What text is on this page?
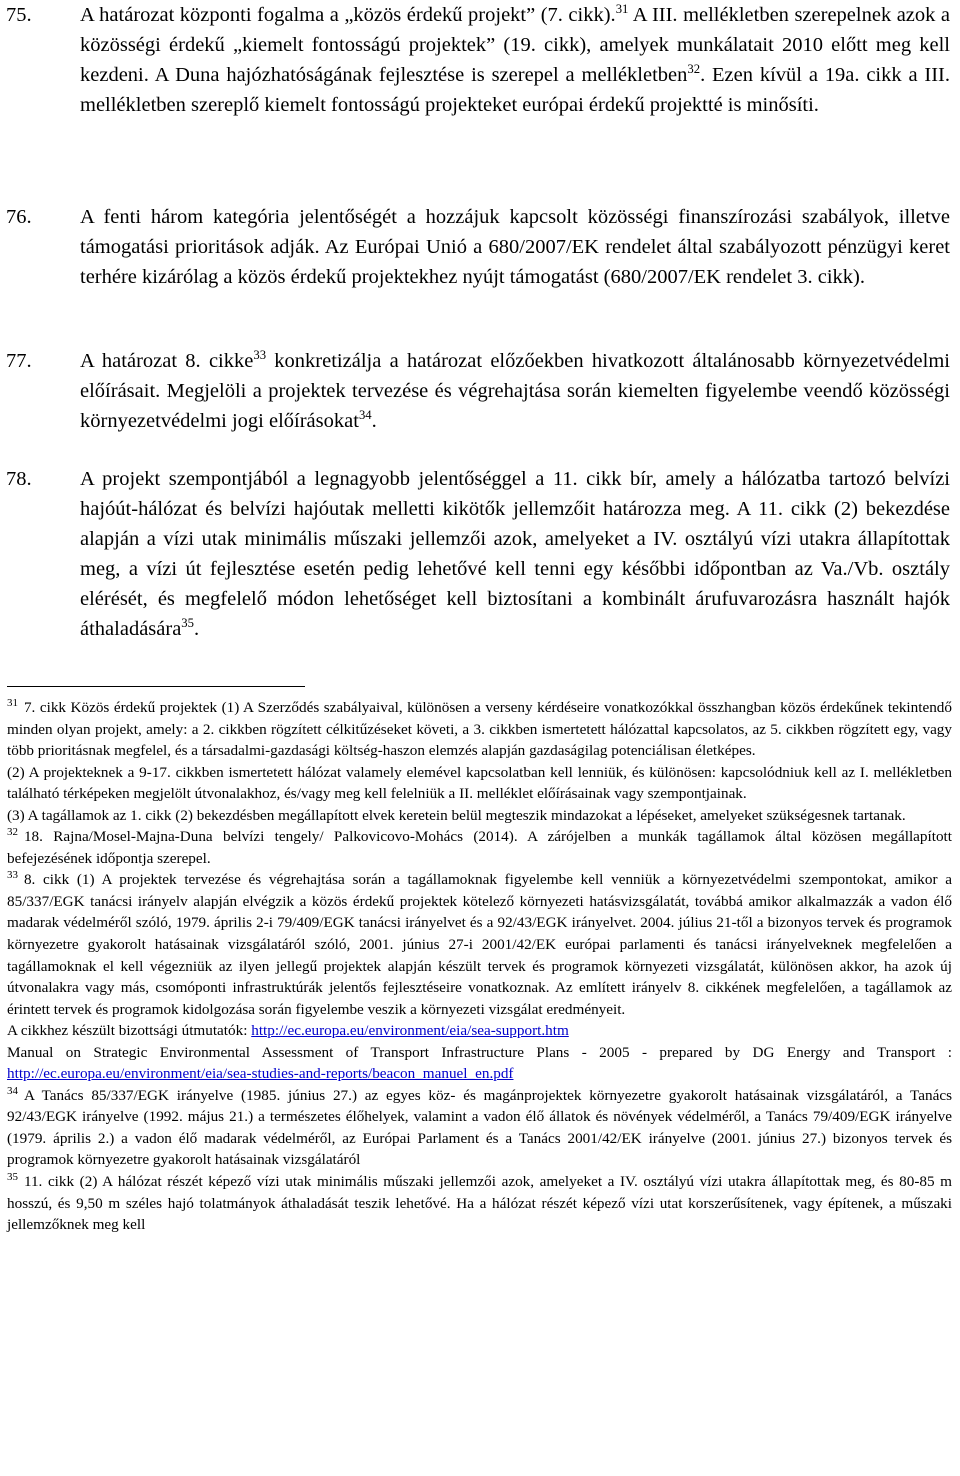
75. A határozat központi fogalma a „közös érdekű projekt” (7. cikk).$^{31}$ A III. mellékletben szerepelnek azok a közösségi érdekű „kiemelt fontosságú projektek” (19. cikk), amelyek munkálatait 2010 előtt meg kell kezdeni. A Duna hajózhatóságának fejlesztése is szerepel a mellékletben$^{32}$. Ezen kívül a 19a. cikk a III. mellékletben szereplő kiemelt fontosságú projekteket európai érdekű projektté is minősíti.
76. A fenti három kategória jelentőségét a hozzájuk kapcsolt közösségi finanszírozási szabályok, illetve támogatási prioritások adják. Az Európai Unió a 680/2007/EK rendelet által szabályozott pénzügyi keret terhére kizárólag a közös érdekű projektekhez nyújt támogatást (680/2007/EK rendelet 3. cikk).
77. A határozat 8. cikke$^{33}$ konkretizálja a határozat előzőekben hivatkozott általánosabb környezetvédelmi előírásait. Megjelöli a projektek tervezése és végrehajtása során kiemelten figyelembe veendő közösségi környezetvédelmi jogi előírásokat$^{34}$.
78. A projekt szempontjából a legnagyobb jelentőséggel a 11. cikk bír, amely a hálózatba tartozó belvízi hajóút-hálózat és belvízi hajóutak melletti kikötők jellemzőit határozza meg. A 11. cikk (2) bekezdése alapján a vízi utak minimális műszaki jellemzői azok, amelyeket a IV. osztályú vízi utakra állapítottak meg, a vízi út fejlesztése esetén pedig lehetővé kell tenni egy későbbi időpontban az Va./Vb. osztály elérését, és megfelelő módon lehetőséget kell biztosítani a kombinált árufuvarozásra használt hajók áthaladására$^{35}$.

$^{31}$ 7. cikk Közös érdekű projektek (1) A Szerződés szabályaival, különösen a verseny kérdéseire vonatkozókkal összhangban közös érdekűnek tekintendő minden olyan projekt, amely: a 2. cikkben rögzített célkitűzéseket követi, a 3. cikkben ismertetett hálózattal kapcsolatos, az 5. cikkben rögzített egy, vagy több prioritásnak megfelel, és a társadalmi-gazdasági költség-haszon elemzés alapján gazdaságilag potenciálisan életképes.

(2) A projekteknek a 9-17. cikkben ismertetett hálózat valamely elemével kapcsolatban kell lenniük, és különösen: kapcsolódniuk kell az I. mellékletben található térképeken megjelölt útvonalakhoz, és/vagy meg kell felelniük a II. melléklet előírásainak vagy szempontjainak.

(3) A tagállamok az 1. cikk (2) bekezdésben megállapított elvek keretein belül megteszik mindazokat a lépéseket, amelyeket szükségesnek tartanak.

$^{32}$ 18. Rajna/Mosel-Majna-Duna belvízi tengely/ Palkovicovo-Mohács (2014). A zárójelben a munkák tagállamok által közösen megállapított befejezésének időpontja szerepel.

$^{33}$ 8. cikk (1) A projektek tervezése és végrehajtása során a tagállamoknak figyelembe kell venniük a környezetvédelmi szempontokat, amikor a 85/337/EGK tanácsi irányelv alapján elvégzik a közös érdekű projektek kötelező környezeti hatásvizsgálatát, továbbá amikor alkalmazzák a vadon élő madarak védelméről szóló, 1979. április 2-i 79/409/EGK tanácsi irányelvet és a 92/43/EGK irányelvet. 2004. július 21-től a bizonyos tervek és programok környezetre gyakorolt hatásainak vizsgálatáról szóló, 2001. június 27-i 2001/42/EK európai parlamenti és tanácsi irányelveknek megfelelően a tagállamoknak el kell végezniük az ilyen jellegű projektek alapján készült tervek és programok környezeti vizsgálatát, különösen akkor, ha azok új útvonalakra vagy más, csomóponti infrastruktúrák jelentős fejlesztéseire vonatkoznak. Az említett irányelv 8. cikkének megfelelően, a tagállamok az érintett tervek és programok kidolgozása során figyelembe veszik a környezeti vizsgálat eredményeit.

A cikkhez készült bizottsági útmutatók: http://ec.europa.eu/environment/eia/sea-support.htm

Manual on Strategic Environmental Assessment of Transport Infrastructure Plans - 2005 - prepared by DG Energy and Transport : http://ec.europa.eu/environment/eia/sea-studies-and-reports/beacon_manuel_en.pdf

$^{34}$ A Tanács 85/337/EGK irányelve (1985. június 27.) az egyes köz- és magánprojektek környezetre gyakorolt hatásainak vizsgálatáról, a Tanács 92/43/EGK irányelve (1992. május 21.) a természetes élőhelyek, valamint a vadon élő állatok és növények védelméről, a Tanács 79/409/EGK irányelve (1979. április 2.) a vadon élő madarak védelméről, az Európai Parlament és a Tanács 2001/42/EK irányelve (2001. június 27.) bizonyos tervek és programok környezetre gyakorolt hatásainak vizsgálatáról

$^{35}$ 11. cikk (2) A hálózat részét képező vízi utak minimális műszaki jellemzői azok, amelyeket a IV. osztályú vízi utakra állapítottak meg, és 80-85 m hosszú, és 9,50 m széles hajó tolatmányok áthaladását teszik lehetővé. Ha a hálózat részét képező vízi utat korszerűsítenek, vagy építenek, a műszaki jellemzőknek meg kell
